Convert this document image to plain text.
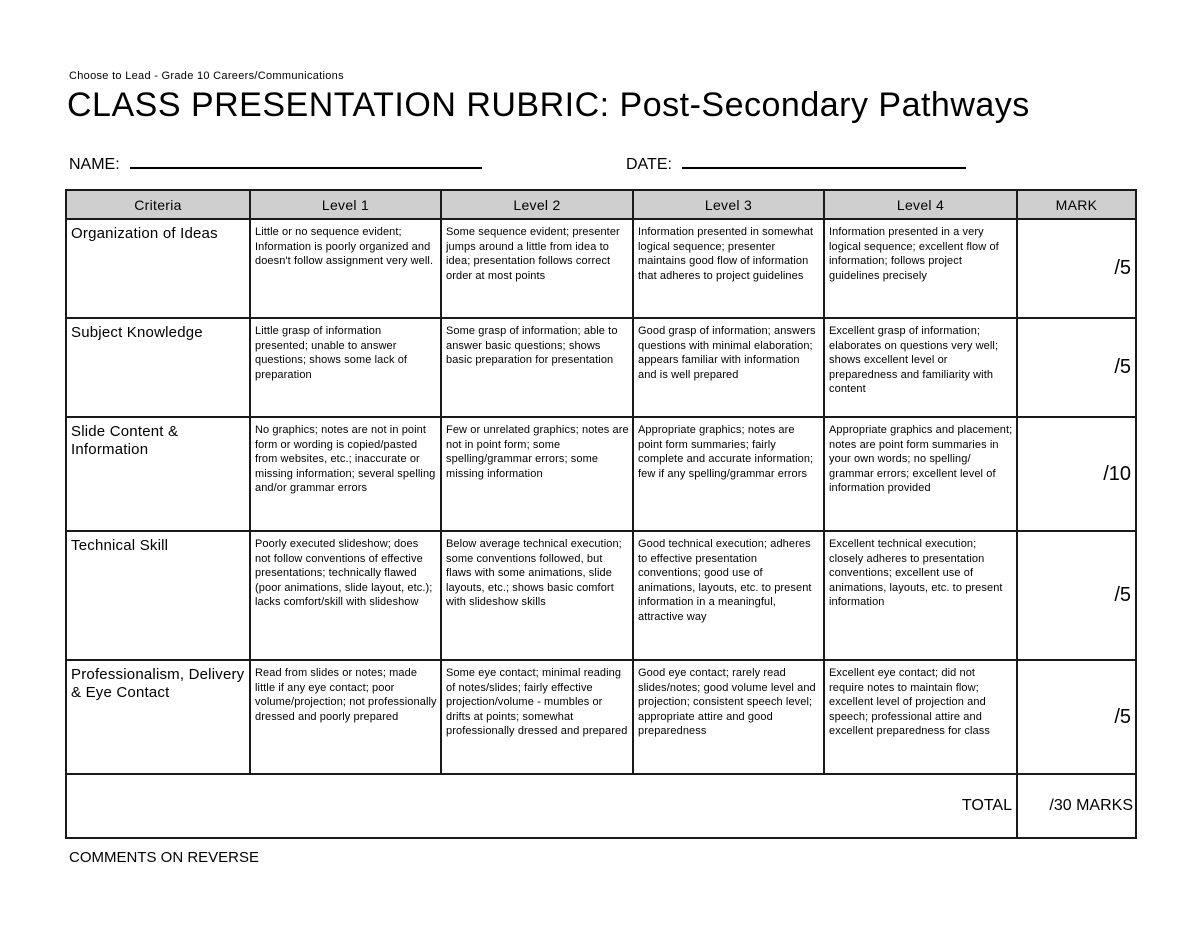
Choose to Lead - Grade 10 Careers/Communications
CLASS PRESENTATION RUBRIC: Post-Secondary Pathways
NAME:	DATE:
Criteria	Level 1	Level 2	Level 3	Level 4	MARK
Organization of Ideas	Little or no sequence evident; Information is poorly organized and doesn't follow assignment very well.	Some sequence evident; presenter jumps around a little from idea to idea; presentation follows correct order at most points	Information presented in somewhat logical sequence; presenter maintains good flow of information that adheres to project guidelines	Information presented in a very logical sequence; excellent flow of information; follows project guidelines precisely	/5
Subject Knowledge	Little grasp of information presented; unable to answer questions; shows some lack of preparation	Some grasp of information; able to answer basic questions; shows basic preparation for presentation	Good grasp of information; answers questions with minimal elaboration; appears familiar with information and is well prepared	Excellent grasp of information; elaborates on questions very well; shows excellent level or preparedness and familiarity with content	/5
Slide Content & Information	No graphics; notes are not in point form or wording is copied/pasted from websites, etc.; inaccurate or missing information; several spelling and/or grammar errors	Few or unrelated graphics; notes are not in point form; some spelling/grammar errors; some missing information	Appropriate graphics; notes are point form summaries; fairly complete and accurate information; few if any spelling/grammar errors	Appropriate graphics and placement; notes are point form summaries in your own words; no spelling/ grammar errors; excellent level of information provided	/10
Technical Skill	Poorly executed slideshow; does not follow conventions of effective presentations; technically flawed (poor animations, slide layout, etc.); lacks comfort/skill with slideshow	Below average technical execution; some conventions followed, but flaws with some animations, slide layouts, etc.; shows basic comfort with slideshow skills	Good technical execution; adheres to effective presentation conventions; good use of animations, layouts, etc. to present information in a meaningful, attractive way	Excellent technical execution; closely adheres to presentation conventions; excellent use of animations, layouts, etc. to present information	/5
Professionalism, Delivery & Eye Contact	Read from slides or notes; made little if any eye contact; poor volume/projection; not professionally dressed and poorly prepared	Some eye contact; minimal reading of notes/slides; fairly effective projection/volume - mumbles or drifts at points; somewhat professionally dressed and prepared	Good eye contact; rarely read slides/notes; good volume level and projection; consistent speech level; appropriate attire and good preparedness	Excellent eye contact; did not require notes to maintain flow; excellent level of projection and speech; professional attire and excellent preparedness for class	/5
TOTAL					/30 MARKS
COMMENTS ON REVERSE
